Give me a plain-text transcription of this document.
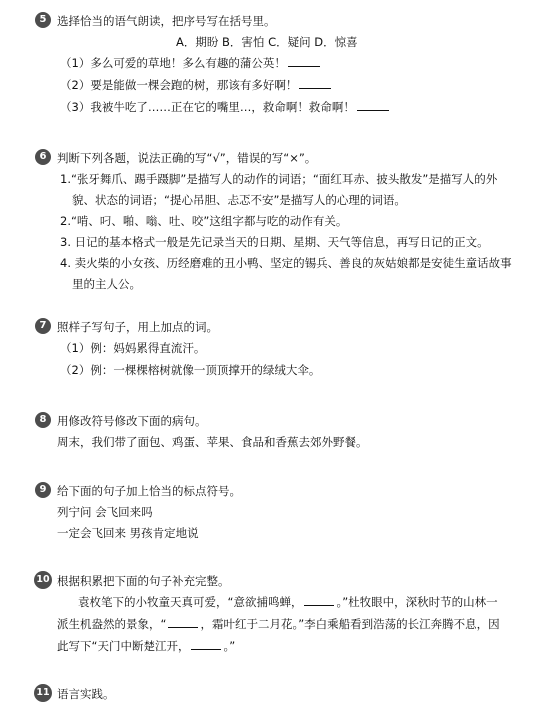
5 选择恰当的语气朗读，把序号写在括号里。
A．期盼 B．害怕 C．疑问 D．惊喜
（1）多么可爱的草地！多么有趣的蒲公英！
（2）要是能做一棵会跑的树，那该有多好啊！
（3）我被牛吃了……正在它的嘴里…，救命啊！救命啊！
6 判断下列各题，说法正确的写“√”，错误的写“×”。
1.“张牙舞爪、踢手蹑脚”是描写人的动作的词语；“面红耳赤、披头散发”是描写人的外
貌、状态的词语；“提心吊胆、忐忑不安”是描写人的心理的词语。
2.“啃、叼、啪、嗡、吐、咬”这组字都与吃的动作有关。
3. 日记的基本格式一般是先记录当天的日期、星期、天气等信息，再写日记的正文。
4. 卖火柴的小女孩、历经磨难的丑小鸭、坚定的锡兵、善良的灰姑娘都是安徒生童话故事
里的主人公。
7 照样子写句子，用上加点的词。
（1）例：妈妈累得直流汗。
（2）例：一棵棵榕树就像一顶顶撑开的绿绒大伞。
8 用修改符号修改下面的病句。
周末，我们带了面包、鸡蛋、苹果、食品和香蕉去郊外野餐。
9 给下面的句子加上恰当的标点符号。
列宁问 会飞回来吗
一定会飞回来 男孩肯定地说
10 根据积累把下面的句子补充完整。
袁枚笔下的小牧童天真可爱，“意欲捕鸣蝉，	。”杜牧眼中，深秋时节的山林一
派生机盎然的景象，“	，霜叶红于二月花。”李白乘船看到浩荡的长江奔腾不息，因
此写下“天门中断楚江开，	。”
11 语言实践。
